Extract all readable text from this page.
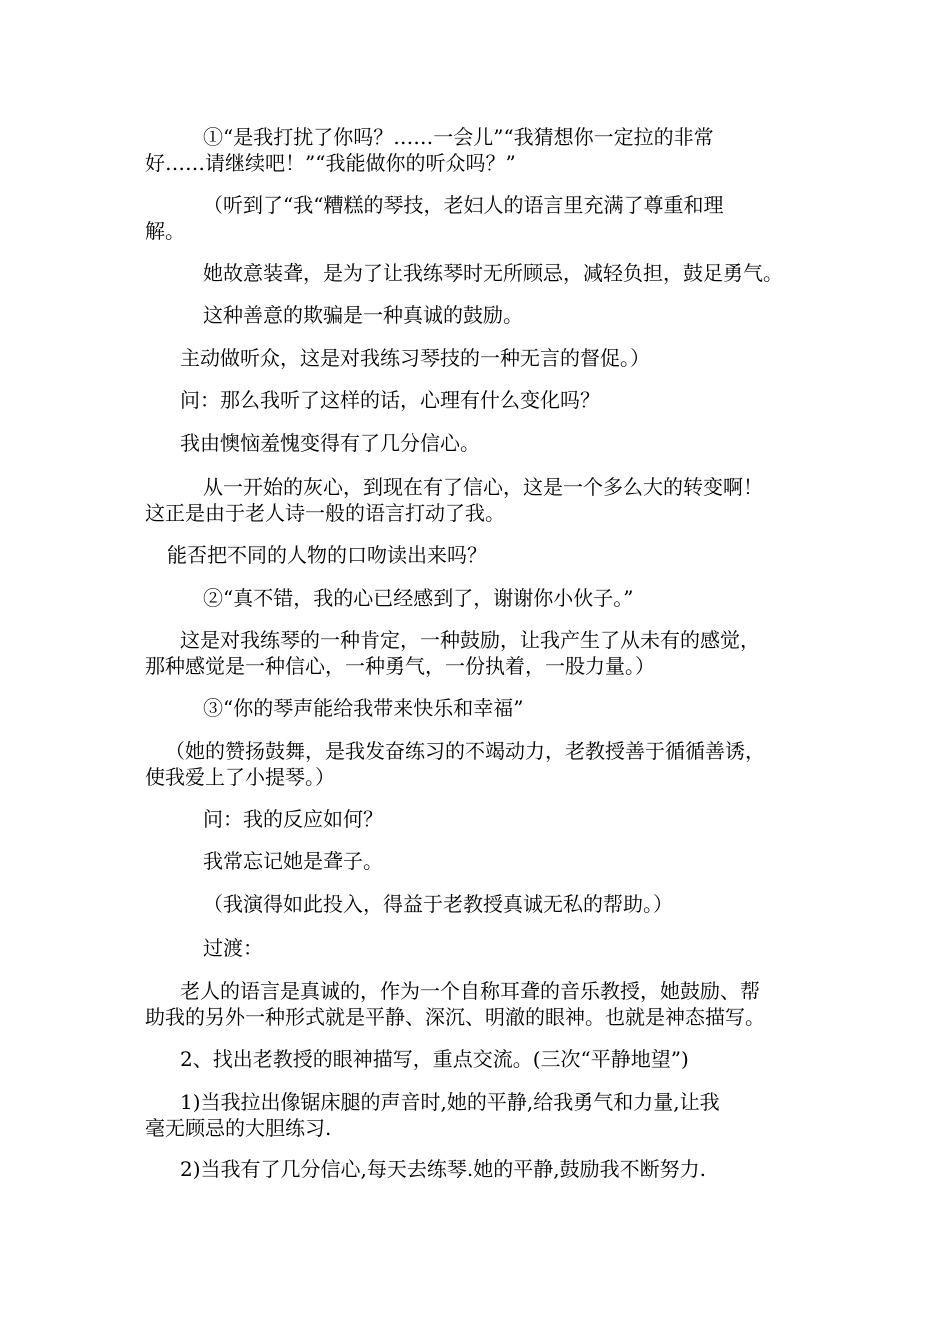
①“是我打扰了你吗？……一会儿”“我猜想你一定拉的非常
好……请继续吧！”“我能做你的听众吗？”

（听到了“我“糟糕的琴技，老妇人的语言里充满了尊重和理
解。

她故意装聋，是为了让我练琴时无所顾忌，减轻负担，鼓足勇气。

这种善意的欺骗是一种真诚的鼓励。

主动做听众，这是对我练习琴技的一种无言的督促。）

问：那么我听了这样的话，心理有什么变化吗？

我由懊恼羞愧变得有了几分信心。

从一开始的灰心，到现在有了信心，这是一个多么大的转变啊！
这正是由于老人诗一般的语言打动了我。

能否把不同的人物的口吻读出来吗？

②“真不错，我的心已经感到了，谢谢你小伙子。”

这是对我练琴的一种肯定，一种鼓励，让我产生了从未有的感觉，
那种感觉是一种信心，一种勇气，一份执着，一股力量。）

③“你的琴声能给我带来快乐和幸福”

（她的赞扬鼓舞，是我发奋练习的不竭动力，老教授善于循循善诱，
使我爱上了小提琴。）

问：我的反应如何？

我常忘记她是聋子。

（我演得如此投入，得益于老教授真诚无私的帮助。）

过渡：

老人的语言是真诚的，作为一个自称耳聋的音乐教授，她鼓励、帮
助我的另外一种形式就是平静、深沉、明澈的眼神。也就是神态描写。

2、找出老教授的眼神描写，重点交流。(三次“平静地望”)

1)当我拉出像锯床腿的声音时,她的平静,给我勇气和力量,让我
毫无顾忌的大胆练习.

2)当我有了几分信心,每天去练琴.她的平静,鼓励我不断努力.
